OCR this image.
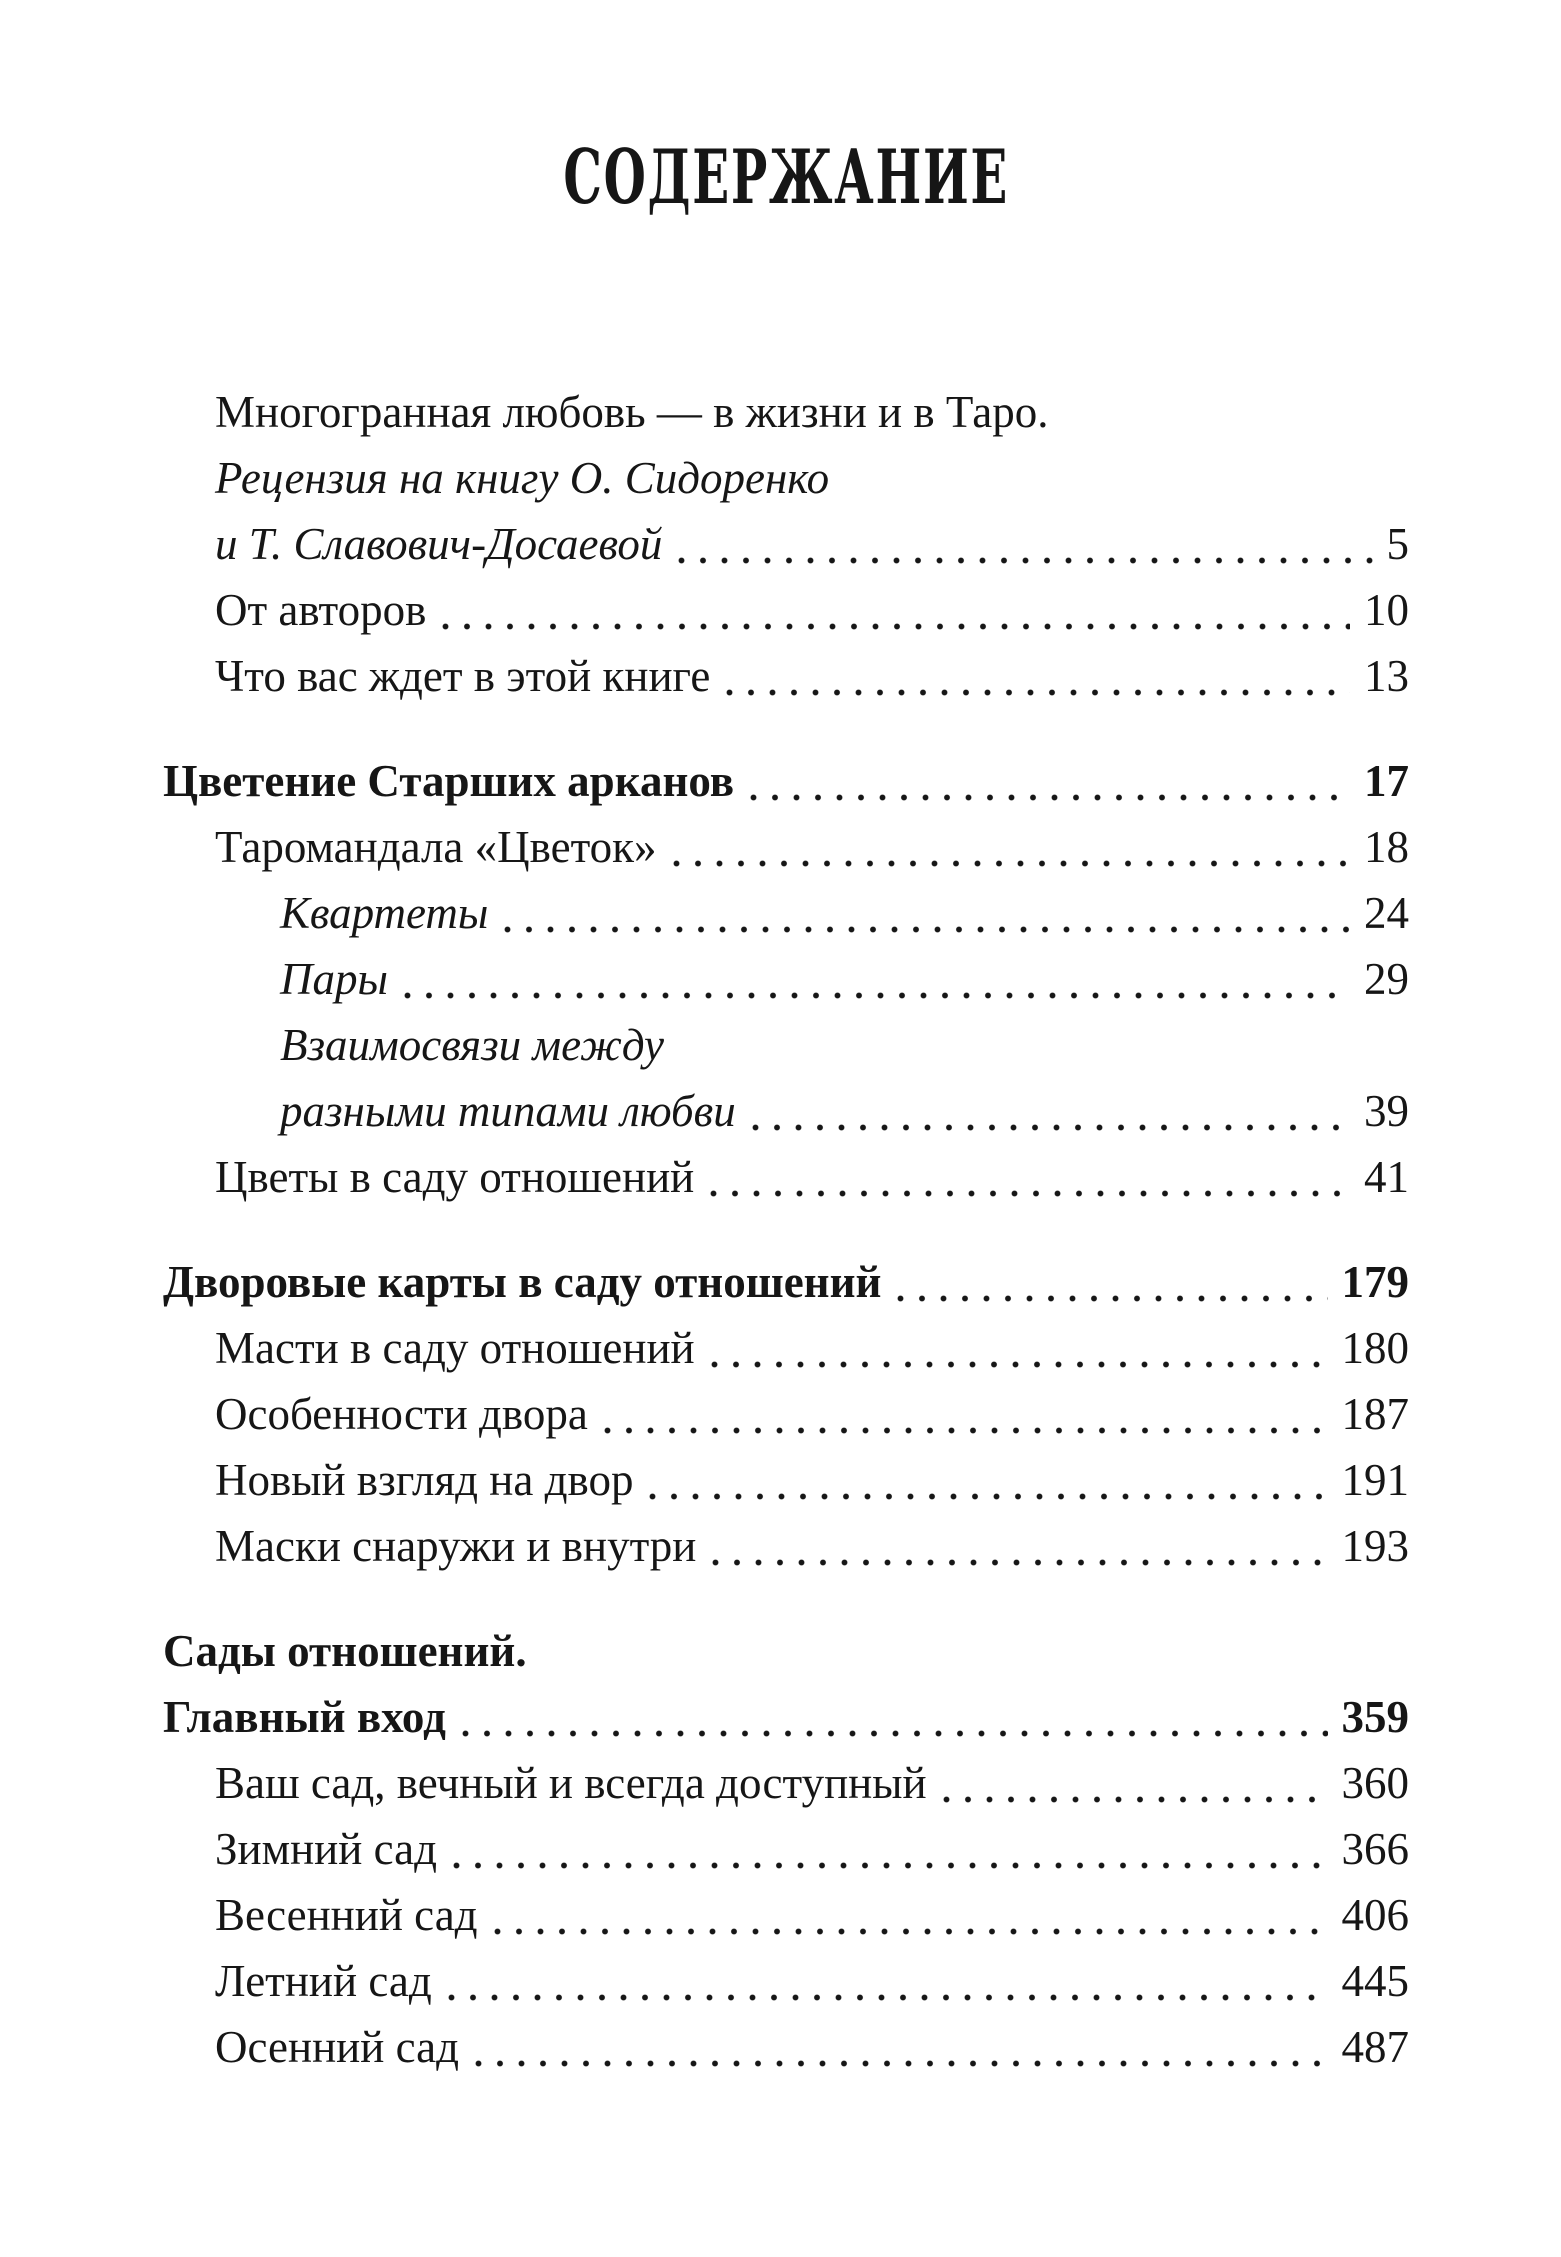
СОДЕРЖАНИЕ
Многогранная любовь — в жизни и в Таро.
Рецензия на книгу О. Сидоренко
и Т. Славович-Досаевой	5
От авторов	10
Что вас ждет в этой книге	13
Цветение Старших арканов	17
Таромандала «Цветок»	18
Квартеты	24
Пары	29
Взаимосвязи между
разными типами любви	39
Цветы в саду отношений	41
Дворовые карты в саду отношений	179
Масти в саду отношений	180
Особенности двора	187
Новый взгляд на двор	191
Маски снаружи и внутри	193
Сады отношений.
Главный вход	359
Ваш сад, вечный и всегда доступный	360
Зимний сад	366
Весенний сад	406
Летний сад	445
Осенний сад	487
